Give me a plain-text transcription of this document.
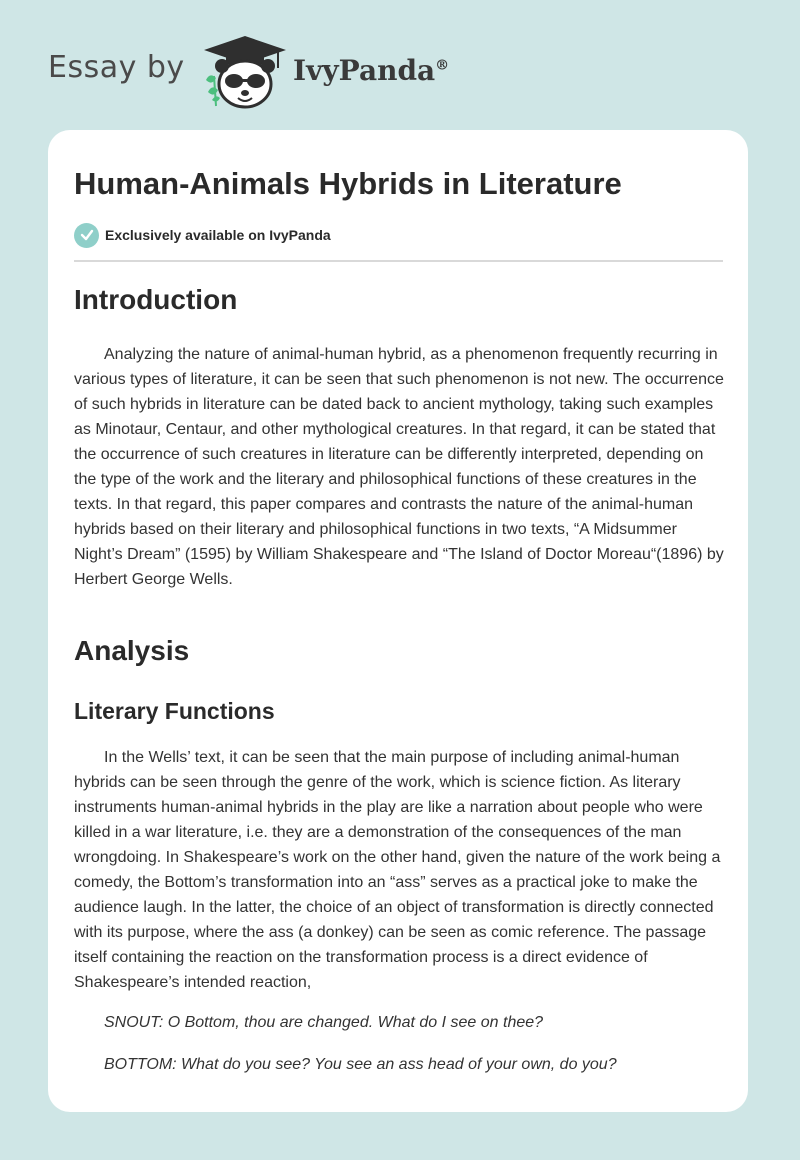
Essay by	IvyPanda®
Human-Animals Hybrids in Literature
Exclusively available on IvyPanda
Introduction

Analyzing the nature of animal-human hybrid, as a phenomenon frequently recurring in various types of literature, it can be seen that such phenomenon is not new. The occurrence of such hybrids in literature can be dated back to ancient mythology, taking such examples as Minotaur, Centaur, and other mythological creatures. In that regard, it can be stated that the occurrence of such creatures in literature can be differently interpreted, depending on the type of the work and the literary and philosophical functions of these creatures in the texts. In that regard, this paper compares and contrasts the nature of the animal-human hybrids based on their literary and philosophical functions in two texts, “A Midsummer Night’s Dream” (1595) by William Shakespeare and “The Island of Doctor Moreau“(1896) by Herbert George Wells.

Analysis
Literary Functions

In the Wells’ text, it can be seen that the main purpose of including animal-human hybrids can be seen through the genre of the work, which is science fiction. As literary instruments human-animal hybrids in the play are like a narration about people who were killed in a war literature, i.e. they are a demonstration of the consequences of the man wrongdoing. In Shakespeare’s work on the other hand, given the nature of the work being a comedy, the Bottom’s transformation into an “ass” serves as a practical joke to make the audience laugh. In the latter, the choice of an object of transformation is directly connected with its purpose, where the ass (a donkey) can be seen as comic reference. The passage itself containing the reaction on the transformation process is a direct evidence of Shakespeare’s intended reaction,

SNOUT: O Bottom, thou are changed. What do I see on thee?

BOTTOM: What do you see? You see an ass head of your own, do you?
